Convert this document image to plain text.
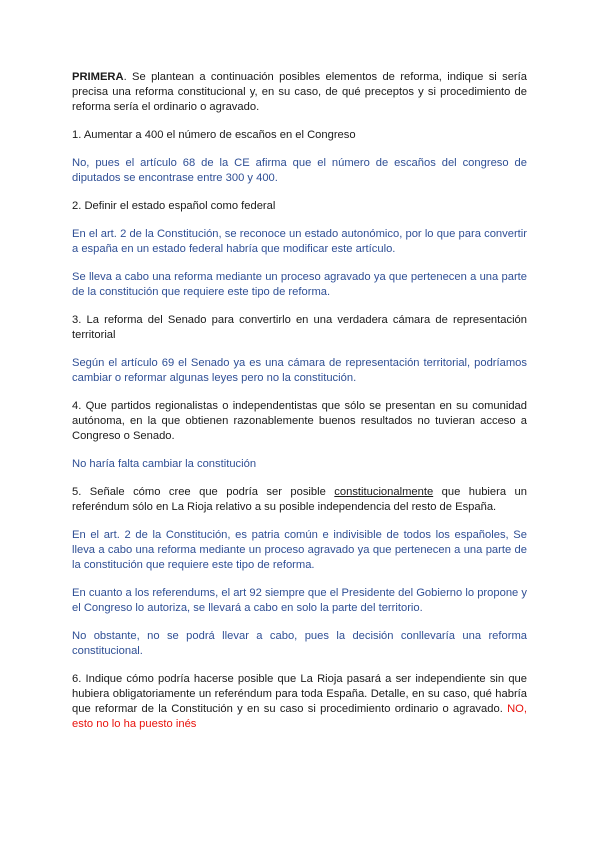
PRIMERA. Se plantean a continuación posibles elementos de reforma, indique si sería precisa una reforma constitucional y, en su caso, de qué preceptos y si procedimiento de reforma sería el ordinario o agravado.

1. Aumentar a 400 el número de escaños en el Congreso

No, pues el artículo 68 de la CE afirma que el número de escaños del congreso de diputados se encontrase entre 300 y 400.

2. Definir el estado español como federal

En el art. 2 de la Constitución, se reconoce un estado autonómico, por lo que para convertir a españa en un estado federal habría que modificar este artículo.

Se lleva a cabo una reforma mediante un proceso agravado ya que pertenecen a una parte de la constitución que requiere este tipo de reforma.

3. La reforma del Senado para convertirlo en una verdadera cámara de representación territorial

Según el artículo 69 el Senado ya es una cámara de representación territorial, podríamos cambiar o reformar algunas leyes pero no la constitución.

4. Que partidos regionalistas o independentistas que sólo se presentan en su comunidad autónoma, en la que obtienen razonablemente buenos resultados no tuvieran acceso a Congreso o Senado.

No haría falta cambiar la constitución

5. Señale cómo cree que podría ser posible constitucionalmente que hubiera un referéndum sólo en La Rioja relativo a su posible independencia del resto de España.

En el art. 2 de la Constitución, es patria común e indivisible de todos los españoles, Se lleva a cabo una reforma mediante un proceso agravado ya que pertenecen a una parte de la constitución que requiere este tipo de reforma.

En cuanto a los referendums, el art 92 siempre que el Presidente del Gobierno lo propone y el Congreso lo autoriza, se llevará a cabo en solo la parte del territorio.

No obstante, no se podrá llevar a cabo, pues la decisión conllevaría una reforma constitucional.

6. Indique cómo podría hacerse posible que La Rioja pasará a ser independiente sin que hubiera obligatoriamente un referéndum para toda España. Detalle, en su caso, qué habría que reformar de la Constitución y en su caso si procedimiento ordinario o agravado. NO, esto no lo ha puesto inés
